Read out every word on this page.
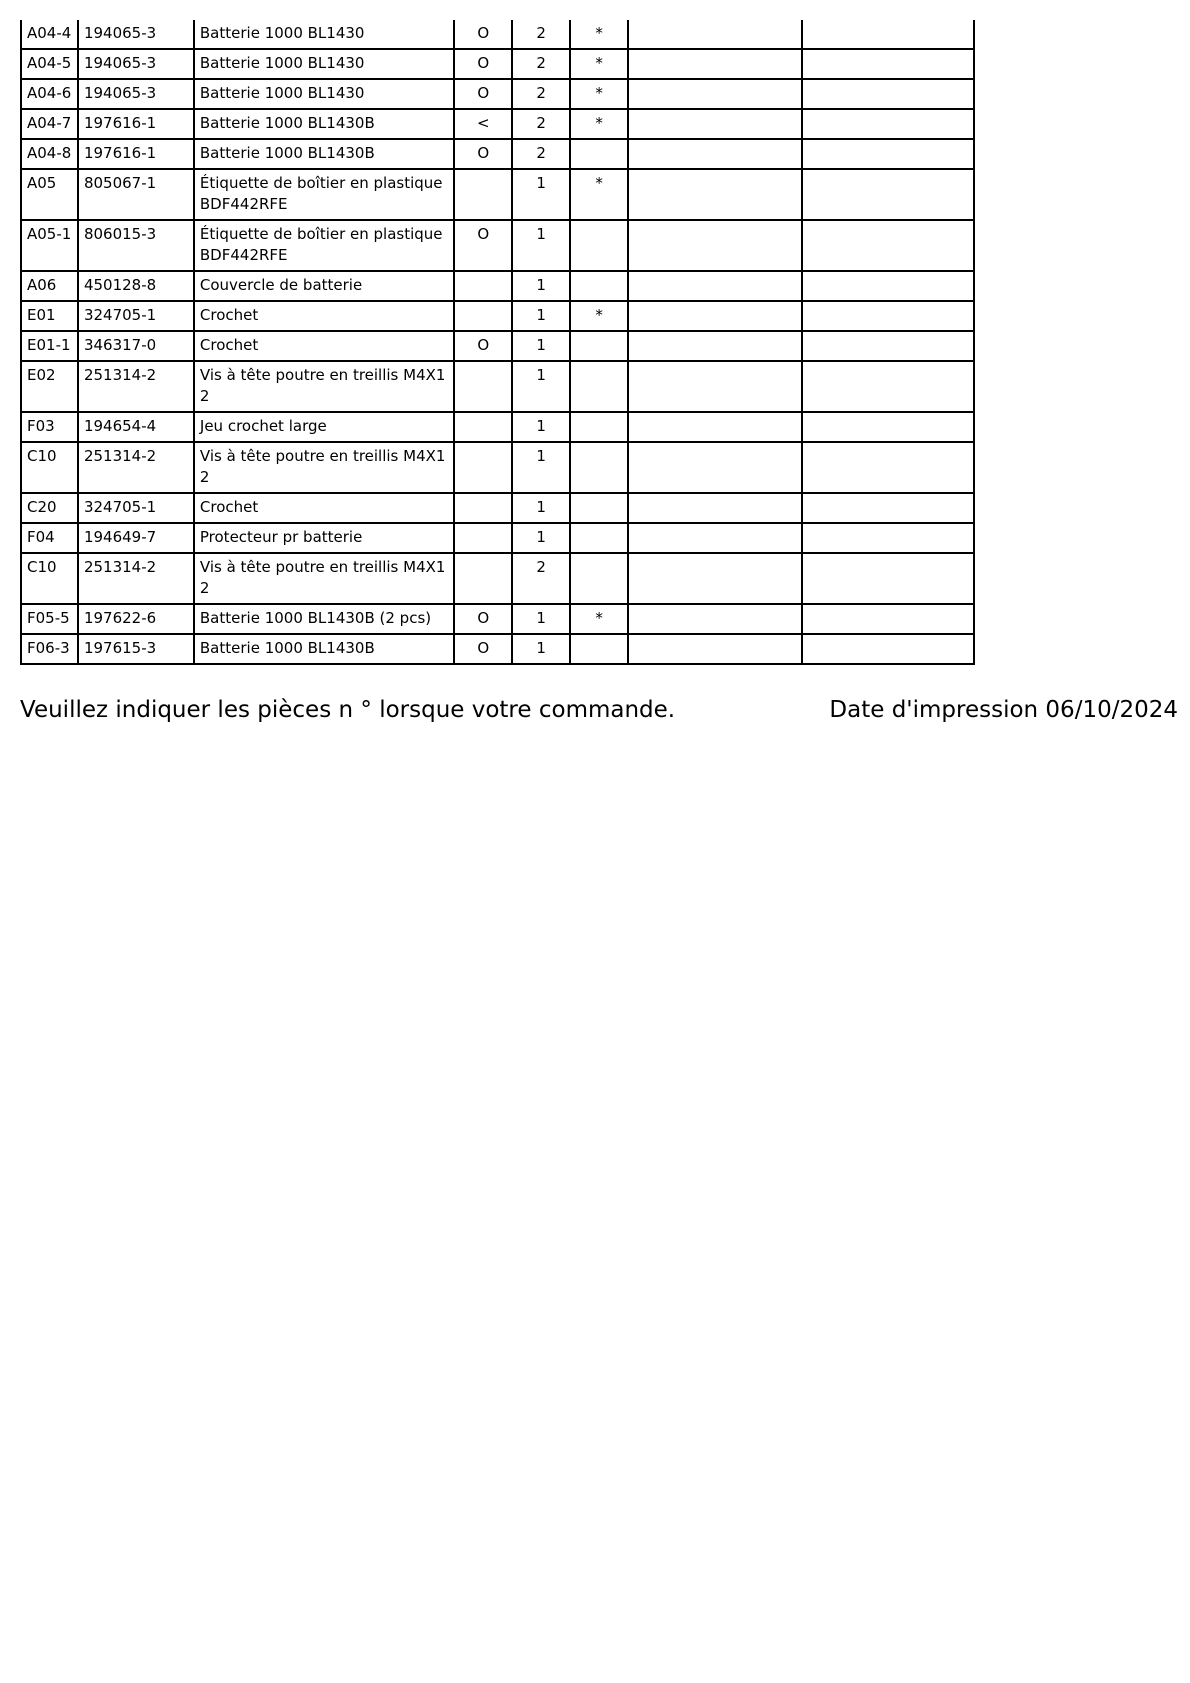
A04-4	194065-3	Batterie 1000 BL1430	O	2	*		
A04-5	194065-3	Batterie 1000 BL1430	O	2	*		
A04-6	194065-3	Batterie 1000 BL1430	O	2	*		
A04-7	197616-1	Batterie 1000 BL1430B	<	2	*		
A04-8	197616-1	Batterie 1000 BL1430B	O	2			
A05	805067-1	Étiquette de boîtier en plastique BDF442RFE		1	*		
A05-1	806015-3	Étiquette de boîtier en plastique BDF442RFE	O	1			
A06	450128-8	Couvercle de batterie		1			
E01	324705-1	Crochet		1	*		
E01-1	346317-0	Crochet	O	1			
E02	251314-2	Vis à tête poutre en treillis M4X1 2		1			
F03	194654-4	Jeu crochet large		1			
C10	251314-2	Vis à tête poutre en treillis M4X1 2		1			
C20	324705-1	Crochet		1			
F04	194649-7	Protecteur pr batterie		1			
C10	251314-2	Vis à tête poutre en treillis M4X1 2		2			
F05-5	197622-6	Batterie 1000 BL1430B (2 pcs)	O	1	*		
F06-3	197615-3	Batterie 1000 BL1430B	O	1			
Veuillez indiquer les pièces n ° lorsque votre commande.	Date d'impression 06/10/2024
